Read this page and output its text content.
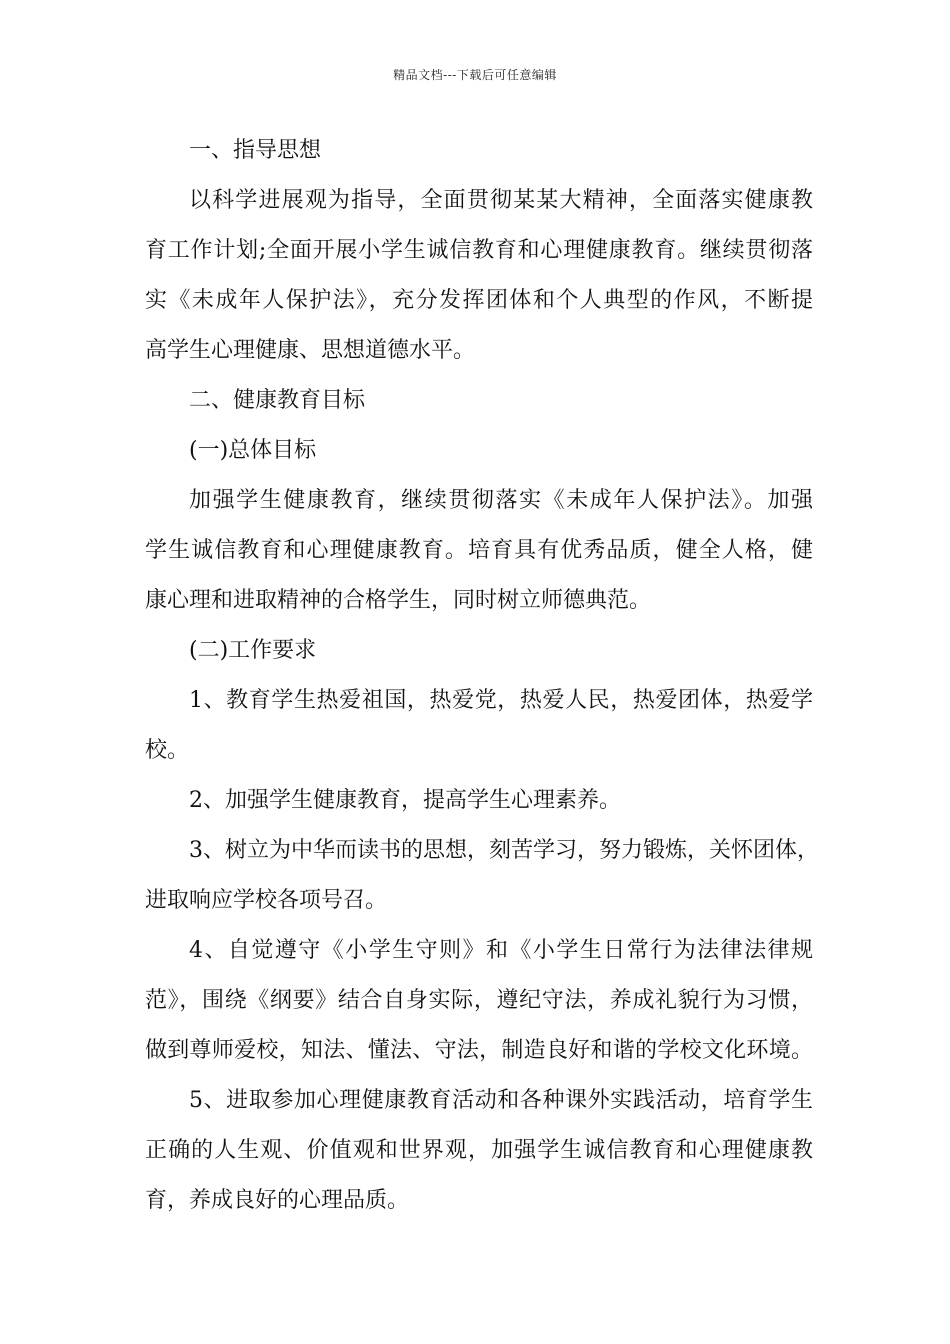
精品文档---下载后可任意编辑
一、指导思想
以科学进展观为指导，全面贯彻某某大精神，全面落实健康教
育工作计划;全面开展小学生诚信教育和心理健康教育。继续贯彻落
实《未成年人保护法》，充分发挥团体和个人典型的作风，不断提
高学生心理健康、思想道德水平。
二、健康教育目标
(一)总体目标
加强学生健康教育，继续贯彻落实《未成年人保护法》。加强
学生诚信教育和心理健康教育。培育具有优秀品质，健全人格，健
康心理和进取精神的合格学生，同时树立师德典范。
(二)工作要求
1、教育学生热爱祖国，热爱党，热爱人民，热爱团体，热爱学
校。
2、加强学生健康教育，提高学生心理素养。
3、树立为中华而读书的思想，刻苦学习，努力锻炼，关怀团体，
进取响应学校各项号召。
4、自觉遵守《小学生守则》和《小学生日常行为法律法律规
范》，围绕《纲要》结合自身实际，遵纪守法，养成礼貌行为习惯，
做到尊师爱校，知法、懂法、守法，制造良好和谐的学校文化环境。
5、进取参加心理健康教育活动和各种课外实践活动，培育学生
正确的人生观、价值观和世界观，加强学生诚信教育和心理健康教
育，养成良好的心理品质。
